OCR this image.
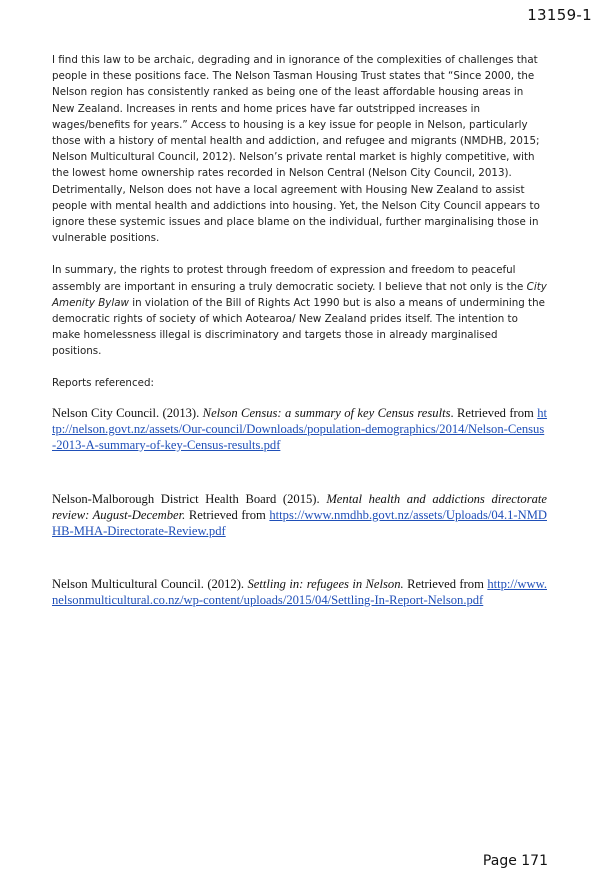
13159-1

I find this law to be archaic, degrading and in ignorance of the complexities of challenges that people in these positions face. The Nelson Tasman Housing Trust states that “Since 2000, the Nelson region has consistently ranked as being one of the least affordable housing areas in New Zealand. Increases in rents and home prices have far outstripped increases in wages/benefits for years.” Access to housing is a key issue for people in Nelson, particularly those with a history of mental health and addiction, and refugee and migrants (NMDHB, 2015; Nelson Multicultural Council, 2012). Nelson’s private rental market is highly competitive, with the lowest home ownership rates recorded in Nelson Central (Nelson City Council, 2013). Detrimentally, Nelson does not have a local agreement with Housing New Zealand to assist people with mental health and addictions into housing. Yet, the Nelson City Council appears to ignore these systemic issues and place blame on the individual, further marginalising those in vulnerable positions.

In summary, the rights to protest through freedom of expression and freedom to peaceful assembly are important in ensuring a truly democratic society. I believe that not only is the City Amenity Bylaw in violation of the Bill of Rights Act 1990 but is also a means of undermining the democratic rights of society of which Aotearoa/ New Zealand prides itself. The intention to make homelessness illegal is discriminatory and targets those in already marginalised positions.

Reports referenced:

Nelson City Council. (2013). Nelson Census: a summary of key Census results. Retrieved from http://nelson.govt.nz/assets/Our-council/Downloads/population-demographics/2014/Nelson-Census-2013-A-summary-of-key-Census-results.pdf

Nelson-Malborough District Health Board (2015). Mental health and addictions directorate review: August-December. Retrieved from https://www.nmdhb.govt.nz/assets/Uploads/04.1-NMDHB-MHA-Directorate-Review.pdf

Nelson Multicultural Council. (2012). Settling in: refugees in Nelson. Retrieved from http://www.nelsonmulticultural.co.nz/wp-content/uploads/2015/04/Settling-In-Report-Nelson.pdf

Page 171
